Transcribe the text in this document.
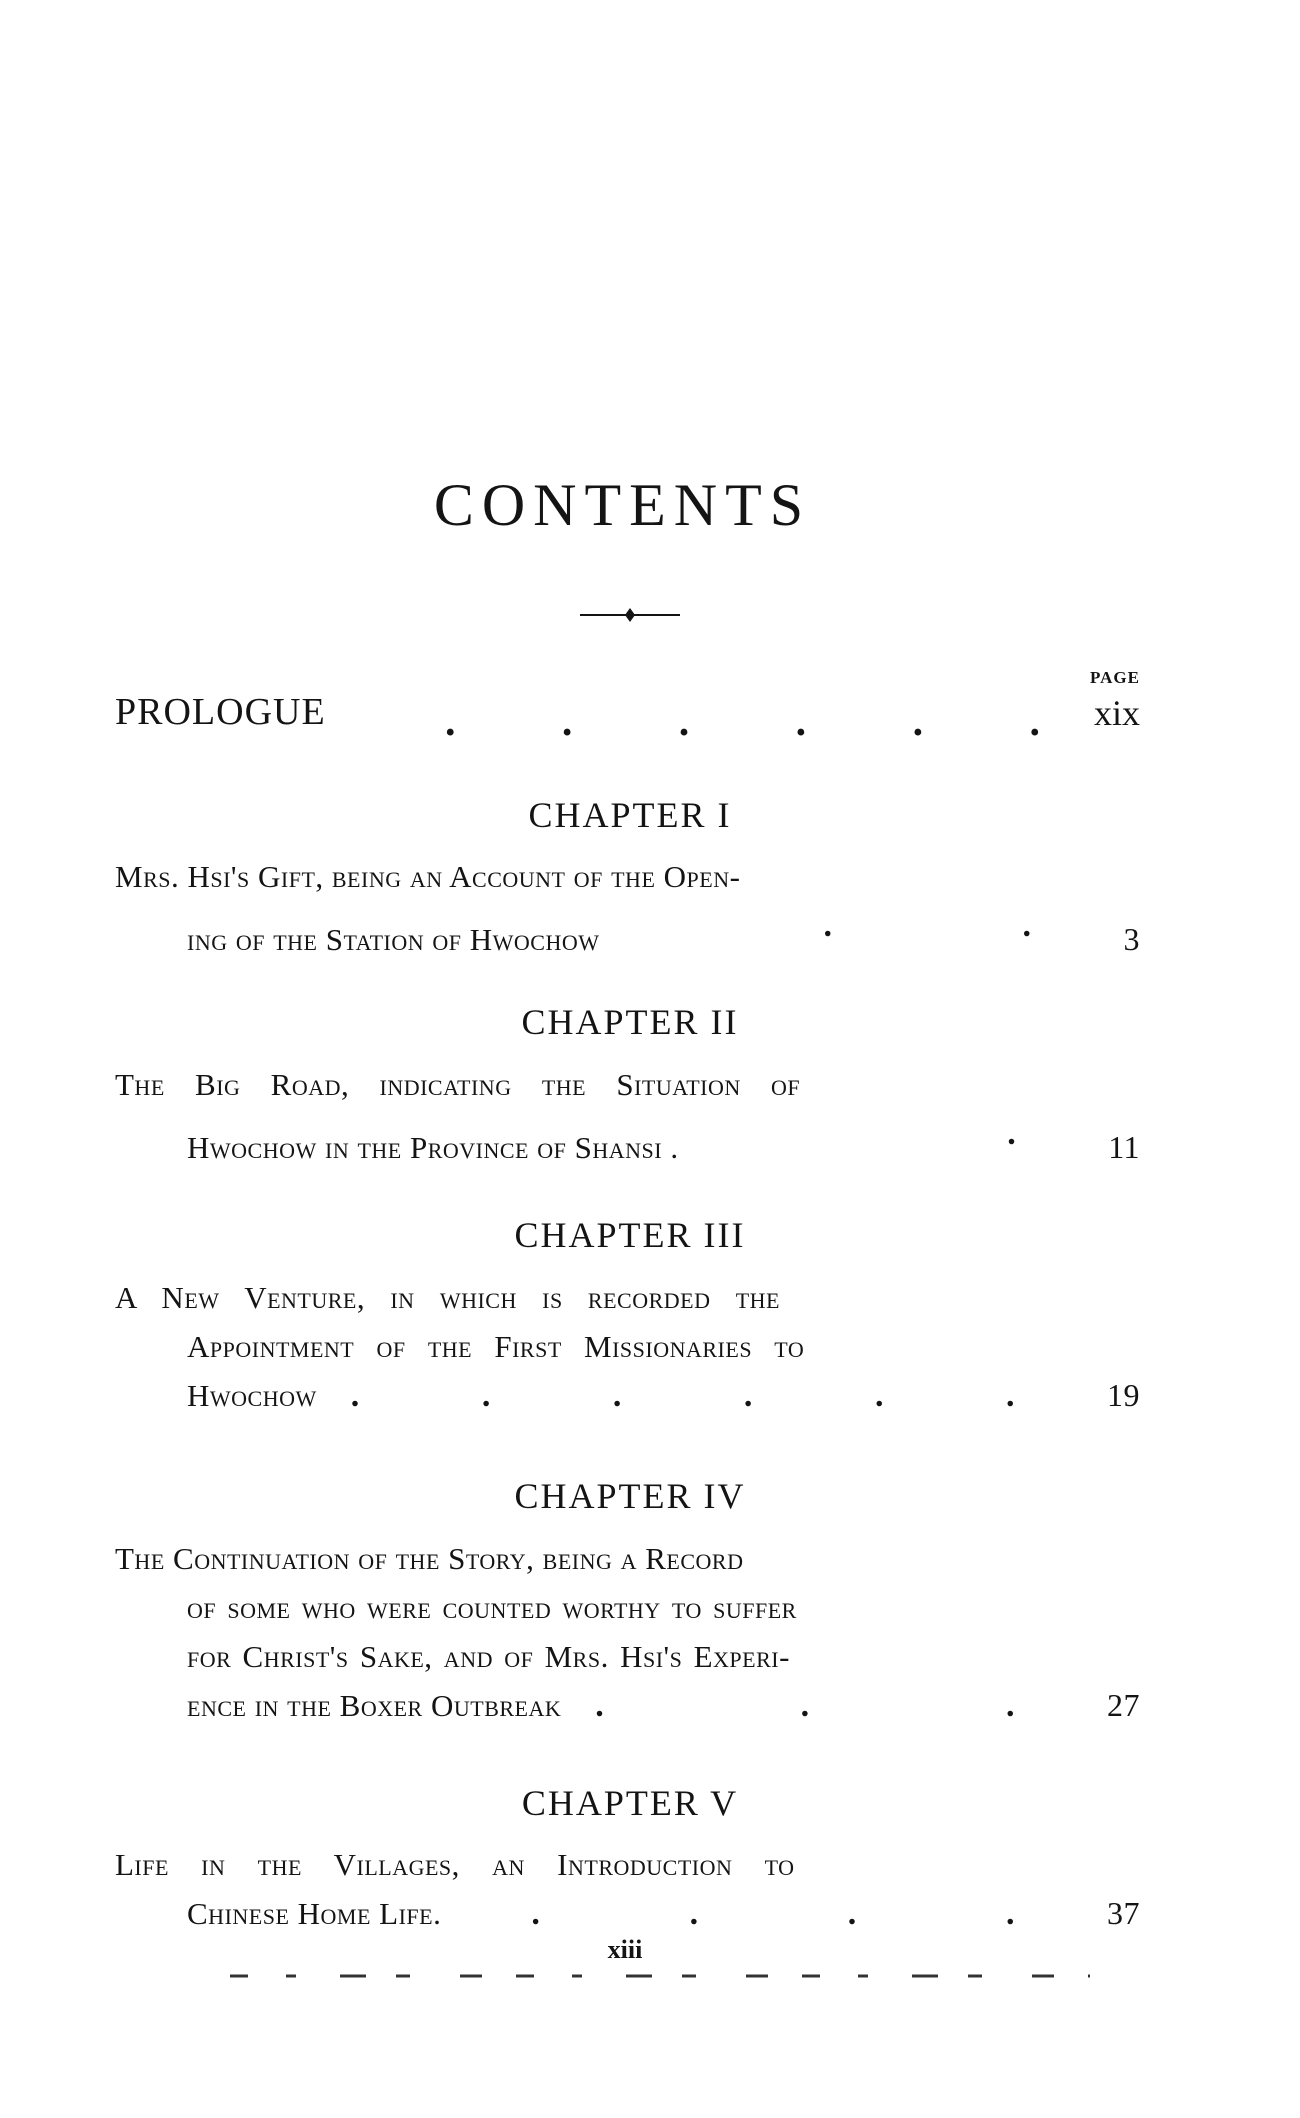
CONTENTS
PAGE
PROLOGUE	.	.	.	.	.	. xix
CHAPTER I
Mrs. Hsi's Gift, being an Account of the Open-
ing of the Station of Hwochow	.	.	3
CHAPTER II
The Big Road, indicating the Situation of
Hwochow in the Province of Shansi .	.	11
CHAPTER III
A New Venture, in which is recorded the
Appointment of the First Missionaries to
Hwochow .	.	.	.	.	.	19
CHAPTER IV
The Continuation of the Story, being a Record
of some who were counted worthy to suffer
for Christ's Sake, and of Mrs. Hsi's Experi-
ence in the Boxer Outbreak .	.	.	27
CHAPTER V
Life in the Villages, an Introduction to
Chinese Home Life.	.	.	.	.	37
xiii
